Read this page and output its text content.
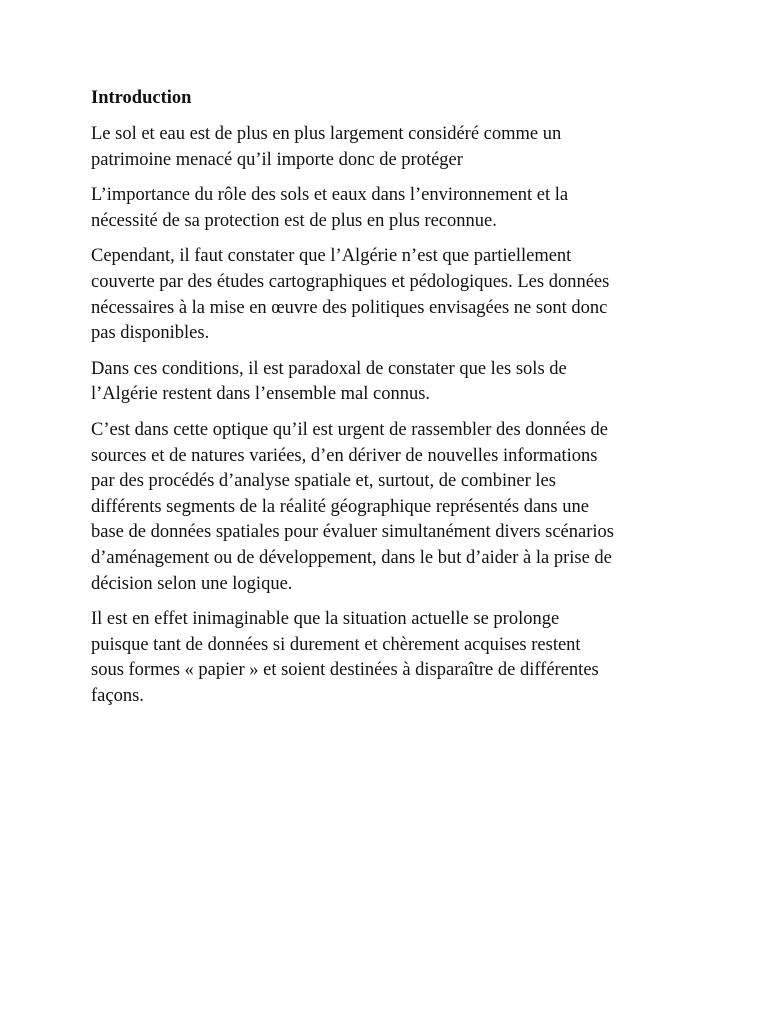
Introduction
Le sol et eau est de plus en plus largement considéré comme un
patrimoine menacé qu’il importe donc de protéger
L’importance du rôle des sols et eaux dans l’environnement et la
nécessité de sa protection est de plus en plus reconnue.
Cependant, il faut constater que l’Algérie n’est que partiellement
couverte par des études cartographiques et pédologiques. Les données
nécessaires à la mise en œuvre des politiques envisagées ne sont donc
pas disponibles.
Dans ces conditions, il est paradoxal de constater que les sols de
l’Algérie restent dans l’ensemble mal connus.
C’est dans cette optique qu’il est urgent de rassembler des données de
sources et de natures variées, d’en dériver de nouvelles informations
par des procédés d’analyse spatiale et, surtout, de combiner les
différents segments de la réalité géographique représentés dans une
base de données spatiales pour évaluer simultanément divers scénarios
d’aménagement ou de développement, dans le but d’aider à la prise de
décision selon une logique.
Il est en effet inimaginable que la situation actuelle se prolonge
puisque tant de données si durement et chèrement acquises restent
sous formes « papier » et soient destinées à disparaître de différentes
façons.
